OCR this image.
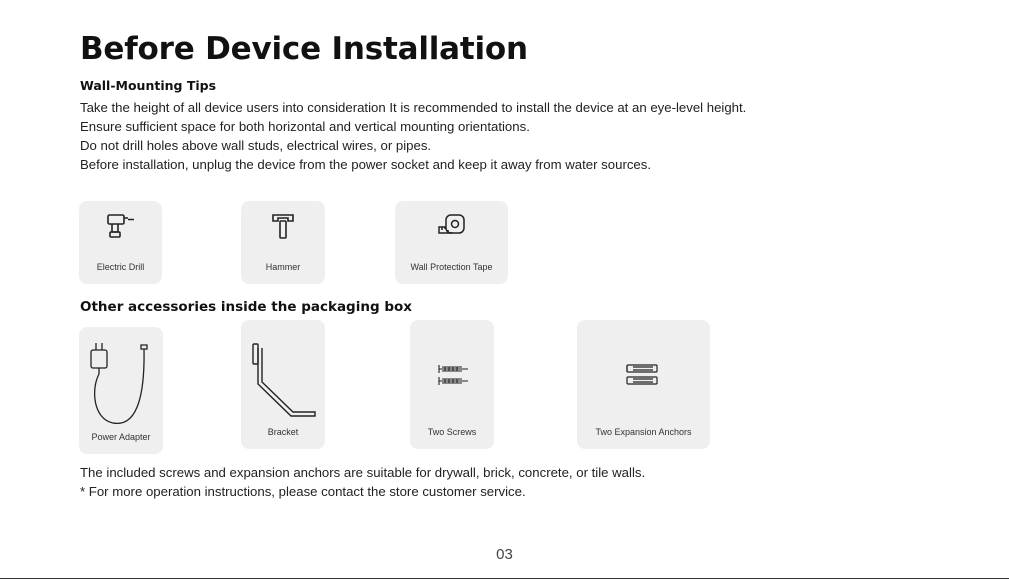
Before Device Installation
Wall-Mounting Tips
Take the height of all device users into consideration It is recommended to install the device at an eye-level height.
Ensure sufficient space for both horizontal and vertical mounting orientations.
Do not drill holes above wall studs, electrical wires, or pipes.
Before installation, unplug the device from the power socket and keep it away from water sources.
Electric Drill	Hammer	Wall Protection Tape
Other accessories inside the packaging box
Power Adapter	Bracket	Two Screws	Two Expansion Anchors
The included screws and expansion anchors are suitable for drywall, brick, concrete, or tile walls.
* For more operation instructions, please contact the store customer service.
03
